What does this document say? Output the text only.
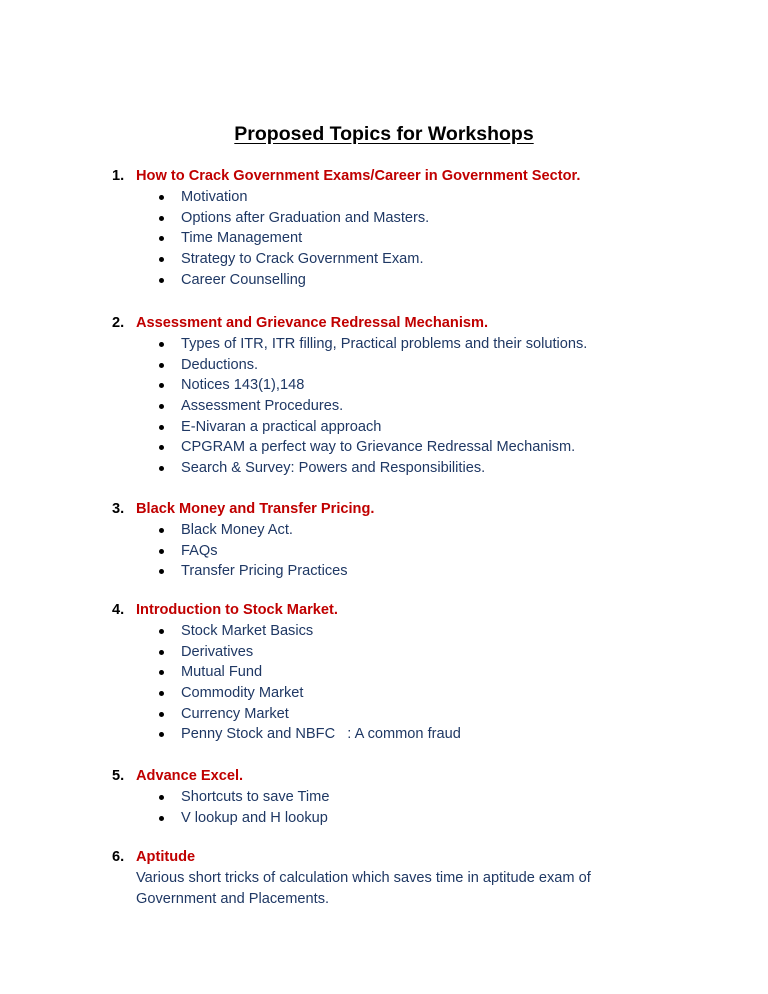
Proposed Topics for Workshops
1. How to Crack Government Exams/Career in Government Sector.
Motivation
Options after Graduation and Masters.
Time Management
Strategy to Crack Government Exam.
Career Counselling
2. Assessment and Grievance Redressal Mechanism.
Types of ITR, ITR filling, Practical problems and their solutions.
Deductions.
Notices 143(1),148
Assessment Procedures.
E-Nivaran a practical approach
CPGRAM a perfect way to Grievance Redressal Mechanism.
Search & Survey: Powers and Responsibilities.
3. Black Money and Transfer Pricing.
Black Money Act.
FAQs
Transfer Pricing Practices
4. Introduction to Stock Market.
Stock Market Basics
Derivatives
Mutual Fund
Commodity Market
Currency Market
Penny Stock and NBFC   : A common fraud
5. Advance Excel.
Shortcuts to save Time
V lookup and H lookup
6. Aptitude

Various short tricks of calculation which saves time in aptitude exam of Government and Placements.
